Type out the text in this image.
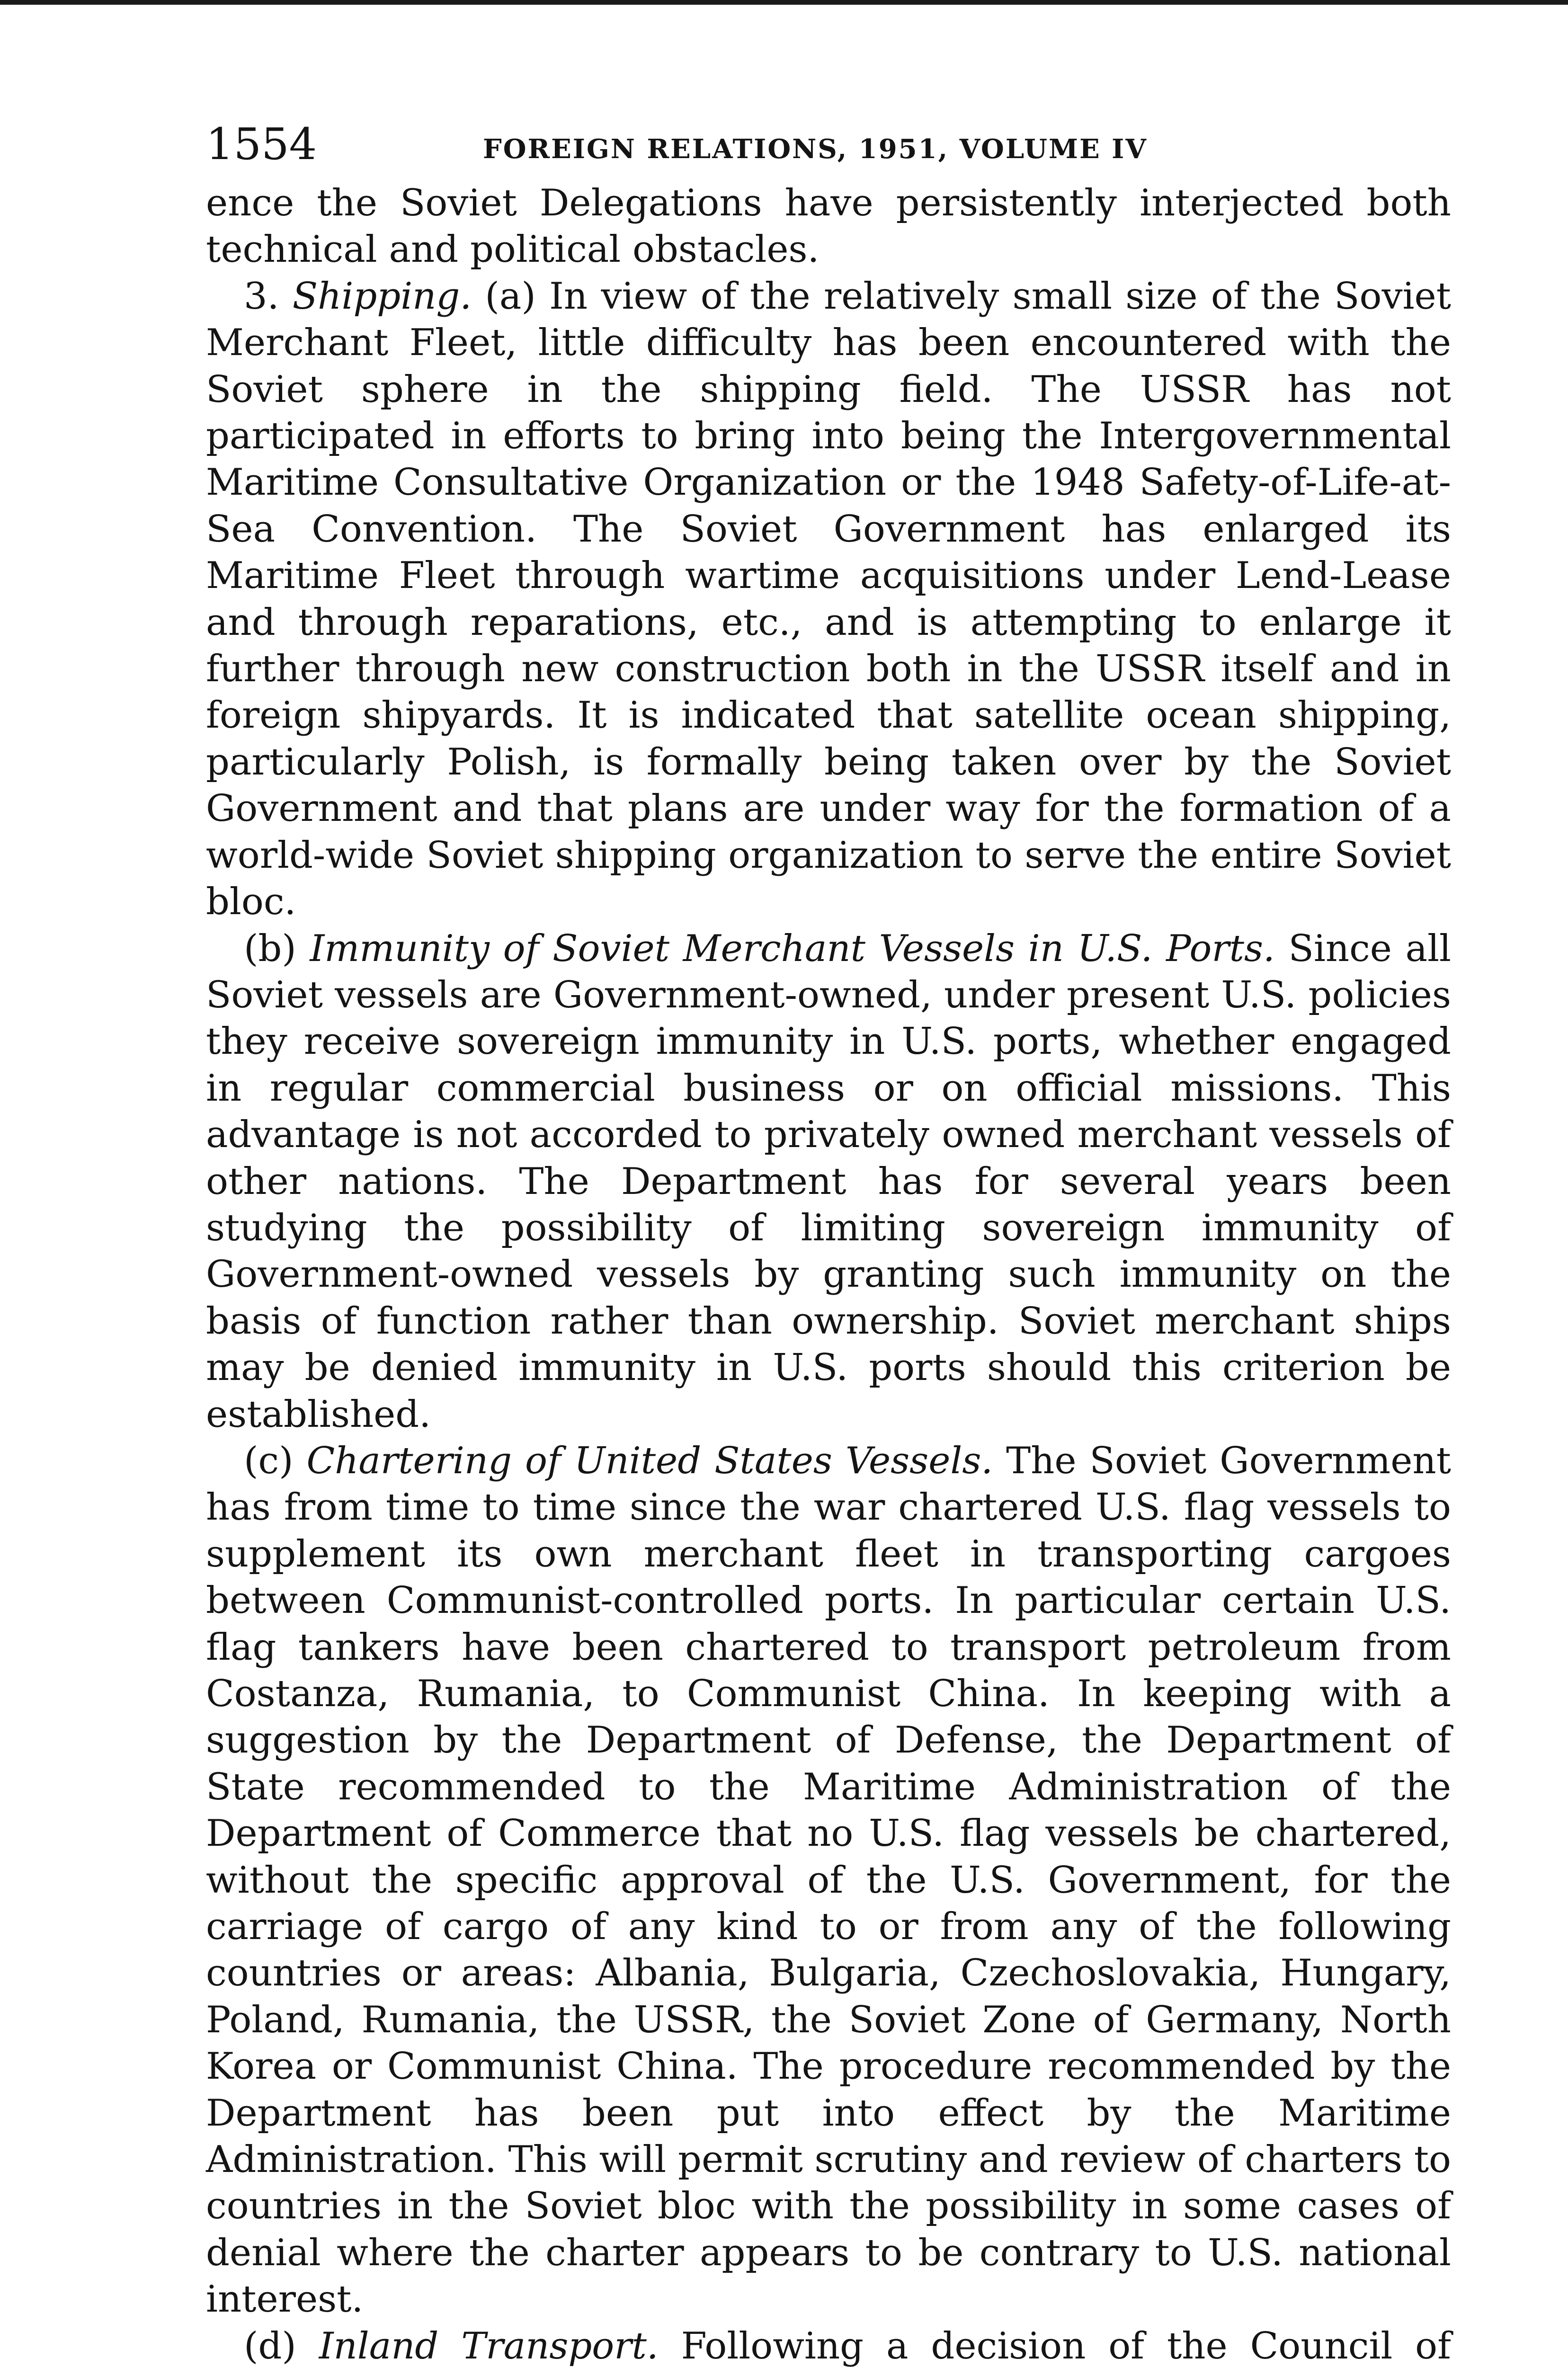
1554	FOREIGN RELATIONS, 1951, VOLUME IV

ence the Soviet Delegations have persistently interjected both technical and political obstacles.

3. Shipping. (a) In view of the relatively small size of the Soviet Merchant Fleet, little difficulty has been encountered with the Soviet sphere in the shipping field. The USSR has not participated in efforts to bring into being the Intergovernmental Maritime Consultative Organization or the 1948 Safety-of-Life-at-Sea Convention. The Soviet Government has enlarged its Maritime Fleet through wartime acquisitions under Lend-Lease and through reparations, etc., and is attempting to enlarge it further through new construction both in the USSR itself and in foreign shipyards. It is indicated that satellite ocean shipping, particularly Polish, is formally being taken over by the Soviet Government and that plans are under way for the formation of a world-wide Soviet shipping organization to serve the entire Soviet bloc.

(b) Immunity of Soviet Merchant Vessels in U.S. Ports. Since all Soviet vessels are Government-owned, under present U.S. policies they receive sovereign immunity in U.S. ports, whether engaged in regular commercial business or on official missions. This advantage is not accorded to privately owned merchant vessels of other nations. The Department has for several years been studying the possibility of limiting sovereign immunity of Government-owned vessels by granting such immunity on the basis of function rather than ownership. Soviet merchant ships may be denied immunity in U.S. ports should this criterion be established.

(c) Chartering of United States Vessels. The Soviet Government has from time to time since the war chartered U.S. flag vessels to supplement its own merchant fleet in transporting cargoes between Communist-controlled ports. In particular certain U.S. flag tankers have been chartered to transport petroleum from Costanza, Rumania, to Communist China. In keeping with a suggestion by the Department of Defense, the Department of State recommended to the Maritime Administration of the Department of Commerce that no U.S. flag vessels be chartered, without the specific approval of the U.S. Government, for the carriage of cargo of any kind to or from any of the following countries or areas: Albania, Bulgaria, Czechoslovakia, Hungary, Poland, Rumania, the USSR, the Soviet Zone of Germany, North Korea or Communist China. The procedure recommended by the Department has been put into effect by the Maritime Administration. This will permit scrutiny and review of charters to countries in the Soviet bloc with the possibility in some cases of denial where the charter appears to be contrary to U.S. national interest.

(d) Inland Transport. Following a decision of the Council of
